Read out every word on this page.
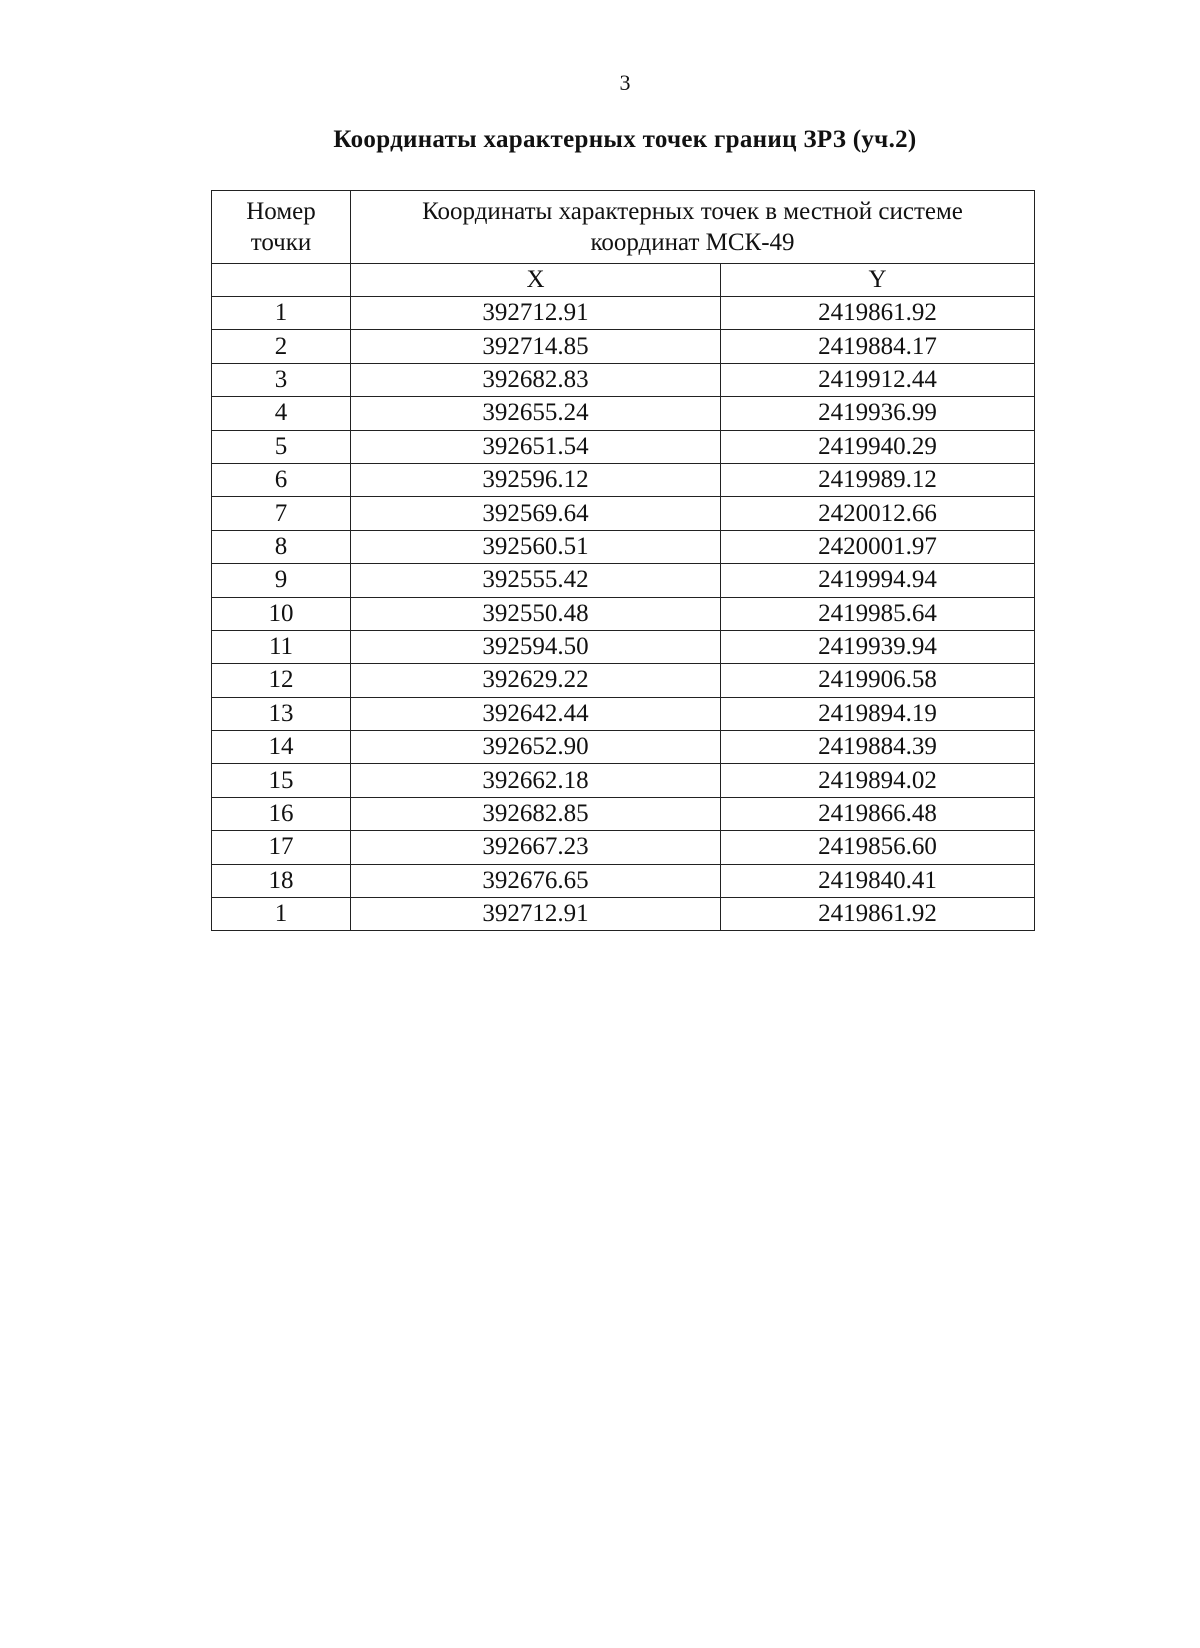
3
Координаты характерных точек границ ЗРЗ (уч.2)
Номер
точки	Координаты характерных точек в местной системе
координат МСК-49	
	X	Y
1	392712.91	2419861.92
2	392714.85	2419884.17
3	392682.83	2419912.44
4	392655.24	2419936.99
5	392651.54	2419940.29
6	392596.12	2419989.12
7	392569.64	2420012.66
8	392560.51	2420001.97
9	392555.42	2419994.94
10	392550.48	2419985.64
11	392594.50	2419939.94
12	392629.22	2419906.58
13	392642.44	2419894.19
14	392652.90	2419884.39
15	392662.18	2419894.02
16	392682.85	2419866.48
17	392667.23	2419856.60
18	392676.65	2419840.41
1	392712.91	2419861.92
